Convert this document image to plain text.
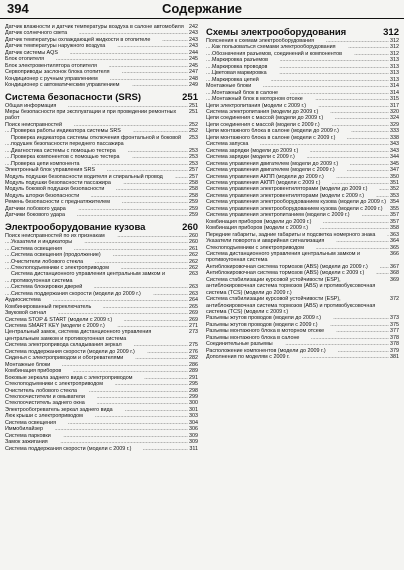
394	Содержание
Датчик влажности и датчик температуры воздуха в салоне автомобиля 242
.....
Датчик солнечного света	243
.....
Датчик температуры охлаждающей жидкости в отопителе	243
.....
Датчик температуры наружного воздуха	243
.....
Датчик системы AQS	244
.....
Блок отопителя	245
.....
Блок электровентилятора отопителя	245
.....
Сервоприводы заслонок блока отопителя	247
.....
Кондиционер с ручным управлением	248
.....
Кондиционер с автоматическим управлением	249
.....
Система безопасности (SRS)	251
Общая информация	251
.....
Меры безопасности при эксплуатации и при проведении ремонтных работ
251
.....
Поиск неисправностей	252
.....
Проверка работы индикатора системы SRS	252
.....
Проверка индикатора системы отключения фронтальной и боковой подушек безопасности переднего пассажира
253
.....
Диагностика системы с помощью тестера	253
.....
Проверка компонентов с помощью тестера	253
.....
Проверка цепи компонента	253
.....
Электронный блок управления SRS	257
.....
Модуль подушки безопасности водителя и спиральный провод	257
.....
Модуль подушки безопасности пассажира	258
.....
Модуль боковой подушки безопасности	258
.....
Модуль шторки безопасности	258
.....
Ремень безопасности с преднатяжителем	259
.....
Датчики лобового удара	259
.....
Датчики бокового удара	259
.....
Электрооборудование кузова	260
Поиск неисправностей по их признакам	260
.....
Указатели и индикаторы	260
.....
Система освещения	261
.....
Система освещения (продолжение)	262
.....
Очистители лобового стекла	262
.....
Стеклоподъемники с электроприводом	262
.....
Система дистанционного управления центральным замком и противоугонная система
263
.....
Система блокировки дверей	263
.....
Система поддержания скорости (модели до 2009 г.)	263
.....
Аудиосистема	264
.....
Комбинированный переключатель	265
.....
Звуковой сигнал	269
.....
Система STOP & START (модели с 2009 г.)	269
.....
Система SMART KEY (модели с 2009 г.)	271
.....
Центральный замок, система дистанционного управления центральным замком и противоугонная система
273
.....
Система электропривода складывания зеркал	275
.....
Система поддержания скорости (модели до 2009 г.)	276
.....
Сиденья с электроприводом и обогревателями	282
.....
Монтажные блоки	286
.....
Комбинация приборов	289
.....
Боковые зеркала заднего вида с электроприводом	291
.....
Стеклоподъемники с электроприводом	295
.....
Очиститель лобового стекла	298
.....
Стеклоочистители и омыватели	299
.....
Стеклоочиститель заднего окна	300
.....
Электрообогреватель зеркал заднего вида	301
.....
Люк крыши с электроприводом	303
.....
Система освещения	304
.....
Иммобилайзер	306
.....
Система парковки	309
.....
Замок зажигания	309
.....
Система поддержания скорости (модели с 2009 г.)	311
.....
Схемы электрооборудования	312
Пояснения к схемам электрооборудования	312
.....
Как пользоваться схемами электрооборудования	312
.....
Обозначения разъемов, соединений и компонентов	312
.....
Маркировка разъемов	313
.....
Маркировка проводов	313
.....
Цветовая маркировка	313
.....
Маркировка цепей	313
.....
Монтажные блоки	314
.....
Монтажный блок в салоне	314
.....
Монтажный блок в моторном отсеке	315
.....
Цепи электропитания (модели с 2009 г.)	317
.....
Система электропитания (модели до 2009 г.)	320
.....
Цепи соединения с массой (модели до 2009 г.)	324
.....
Цепи соединения с массой (модели с 2009 г.)	329
.....
Цепи монтажного блока в салоне (модели до 2009 г.)	333
.....
Цепи монтажного блока в салоне (модели с 2009 г.)	338
.....
Система запуска	343
.....
Система зарядки (модели до 2009 г.)	343
.....
Система зарядки (модели с 2009 г.)	344
.....
Система управления двигателем (модели до 2009 г.)	345
.....
Система управления двигателем (модели с 2009 г.)	347
.....
Система управления АКПП (модели до 2009 г.)	350
.....
Система управления АКПП (модели с 2009 г.)	351
.....
Система управления электровентиляторами (модели до 2009 г.)	352
.....
Система управления электровентиляторами (модели с 2009 г.)	353
.....
Система управления электрооборудованием кузова (модели до 2009 г.) 354
.....
Система управления электрооборудованием кузова (модели с 2009 г.) 355
.....
Система управления электропитанием (модели с 2009 г.)	357
.....
Комбинация приборов (модели до 2009 г.)	357
.....
Комбинация приборов (модели с 2009 г.)	358
.....
Передние габариты, задние габариты и подсветка номерного знака	363
.....
Указатели поворота и аварийная сигнализация	364
.....
Стеклоподъемники с электроприводом	365
.....
Система дистанционного управления центральным замком и противоугонная система
366
.....
Антиблокировочная система тормозов (ABS) (модели до 2009 г.)	367
.....
Антиблокировочная система тормозов (ABS) (модели с 2009 г.)	368
.....
Система стабилизации курсовой устойчивости (ESP), антиблокировочная система тормозов (ABS) и противобуксовочная система (TCS) (модели до 2009 г.)
369
.....
Система стабилизации курсовой устойчивости (ESP), антиблокировочная система тормозов (ABS) и противобуксовочная система (TCS) (модели с 2009 г.)
372
.....
Разъемы жгутов проводов (модели до 2009 г.)	373
.....
Разъемы жгутов проводов (модели с 2009 г.)	375
.....
Разъемы монтажного блока в моторном отсеке	377
.....
Разъемы монтажного блока в салоне	378
.....
Соединительные разъемы	378
.....
Расположение компонентов (модели до 2009 г.)	379
.....
Дополнения по моделям с 2009 г.	381
.....
